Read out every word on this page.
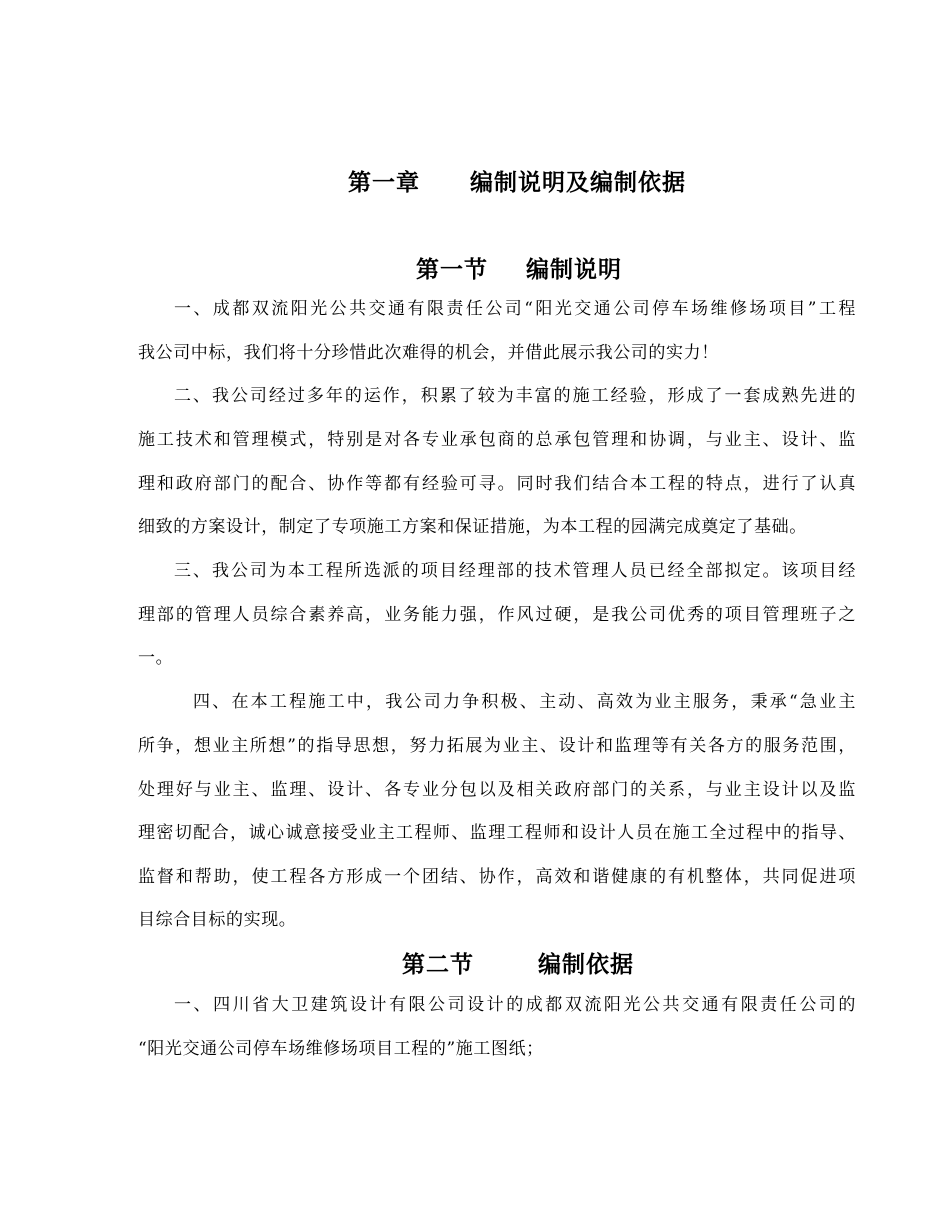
第一章 编制说明及编制依据
第一节 编制说明
一、成都双流阳光公共交通有限责任公司“阳光交通公司停车场维修场项目”工程
我公司中标，我们将十分珍惜此次难得的机会，并借此展示我公司的实力！
二、我公司经过多年的运作，积累了较为丰富的施工经验，形成了一套成熟先进的
施工技术和管理模式，特别是对各专业承包商的总承包管理和协调，与业主、设计、监
理和政府部门的配合、协作等都有经验可寻。同时我们结合本工程的特点，进行了认真
细致的方案设计，制定了专项施工方案和保证措施，为本工程的园满完成奠定了基础。
三、我公司为本工程所选派的项目经理部的技术管理人员已经全部拟定。该项目经
理部的管理人员综合素养高，业务能力强，作风过硬，是我公司优秀的项目管理班子之
一。
四、在本工程施工中，我公司力争积极、主动、高效为业主服务，秉承“急业主
所争，想业主所想”的指导思想，努力拓展为业主、设计和监理等有关各方的服务范围，
处理好与业主、监理、设计、各专业分包以及相关政府部门的关系，与业主设计以及监
理密切配合，诚心诚意接受业主工程师、监理工程师和设计人员在施工全过程中的指导、
监督和帮助，使工程各方形成一个团结、协作，高效和谐健康的有机整体，共同促进项
目综合目标的实现。
第二节	编制依据
一、四川省大卫建筑设计有限公司设计的成都双流阳光公共交通有限责任公司的
“阳光交通公司停车场维修场项目工程的”施工图纸；
